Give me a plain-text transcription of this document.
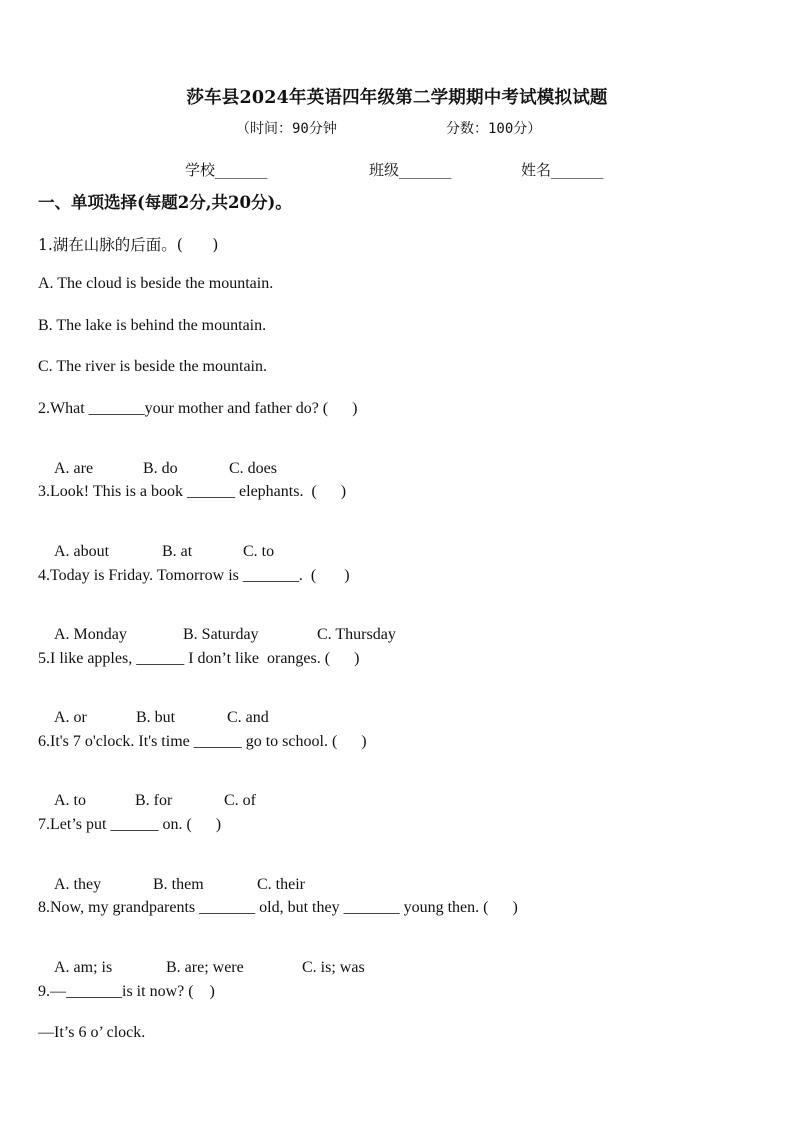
莎车县2024年英语四年级第二学期期中考试模拟试题
（时间：90分钟	分数：100分）
学校_______	班级_______	姓名_______
一、单项选择(每题2分,共20分)。
1.湖在山脉的后面。(      )
A. The cloud is beside the mountain.
B. The lake is behind the mountain.
C. The river is beside the mountain.
2.What _______your mother and father do? (      )

A. are	B. do	C. does

3.Look! This is a book ______ elephants.  (      )

A. about	B. at	C. to

4.Today is Friday. Tomorrow is _______.  (       )

A. Monday	B. Saturday	C. Thursday

5.I like apples, ______ I don’t like  oranges. (      )

A. or	B. but	C. and

6.It's 7 o'clock. It's time ______ go to school. (      )

A. to	B. for	C. of

7.Let’s put ______ on. (      )

A. they	B. them	C. their

8.Now, my grandparents _______ old, but they _______ young then. (      )

A. am; is	B. are; were	C. is; was

9.—_______is it now? (    )
—It’s 6 o’ clock.
